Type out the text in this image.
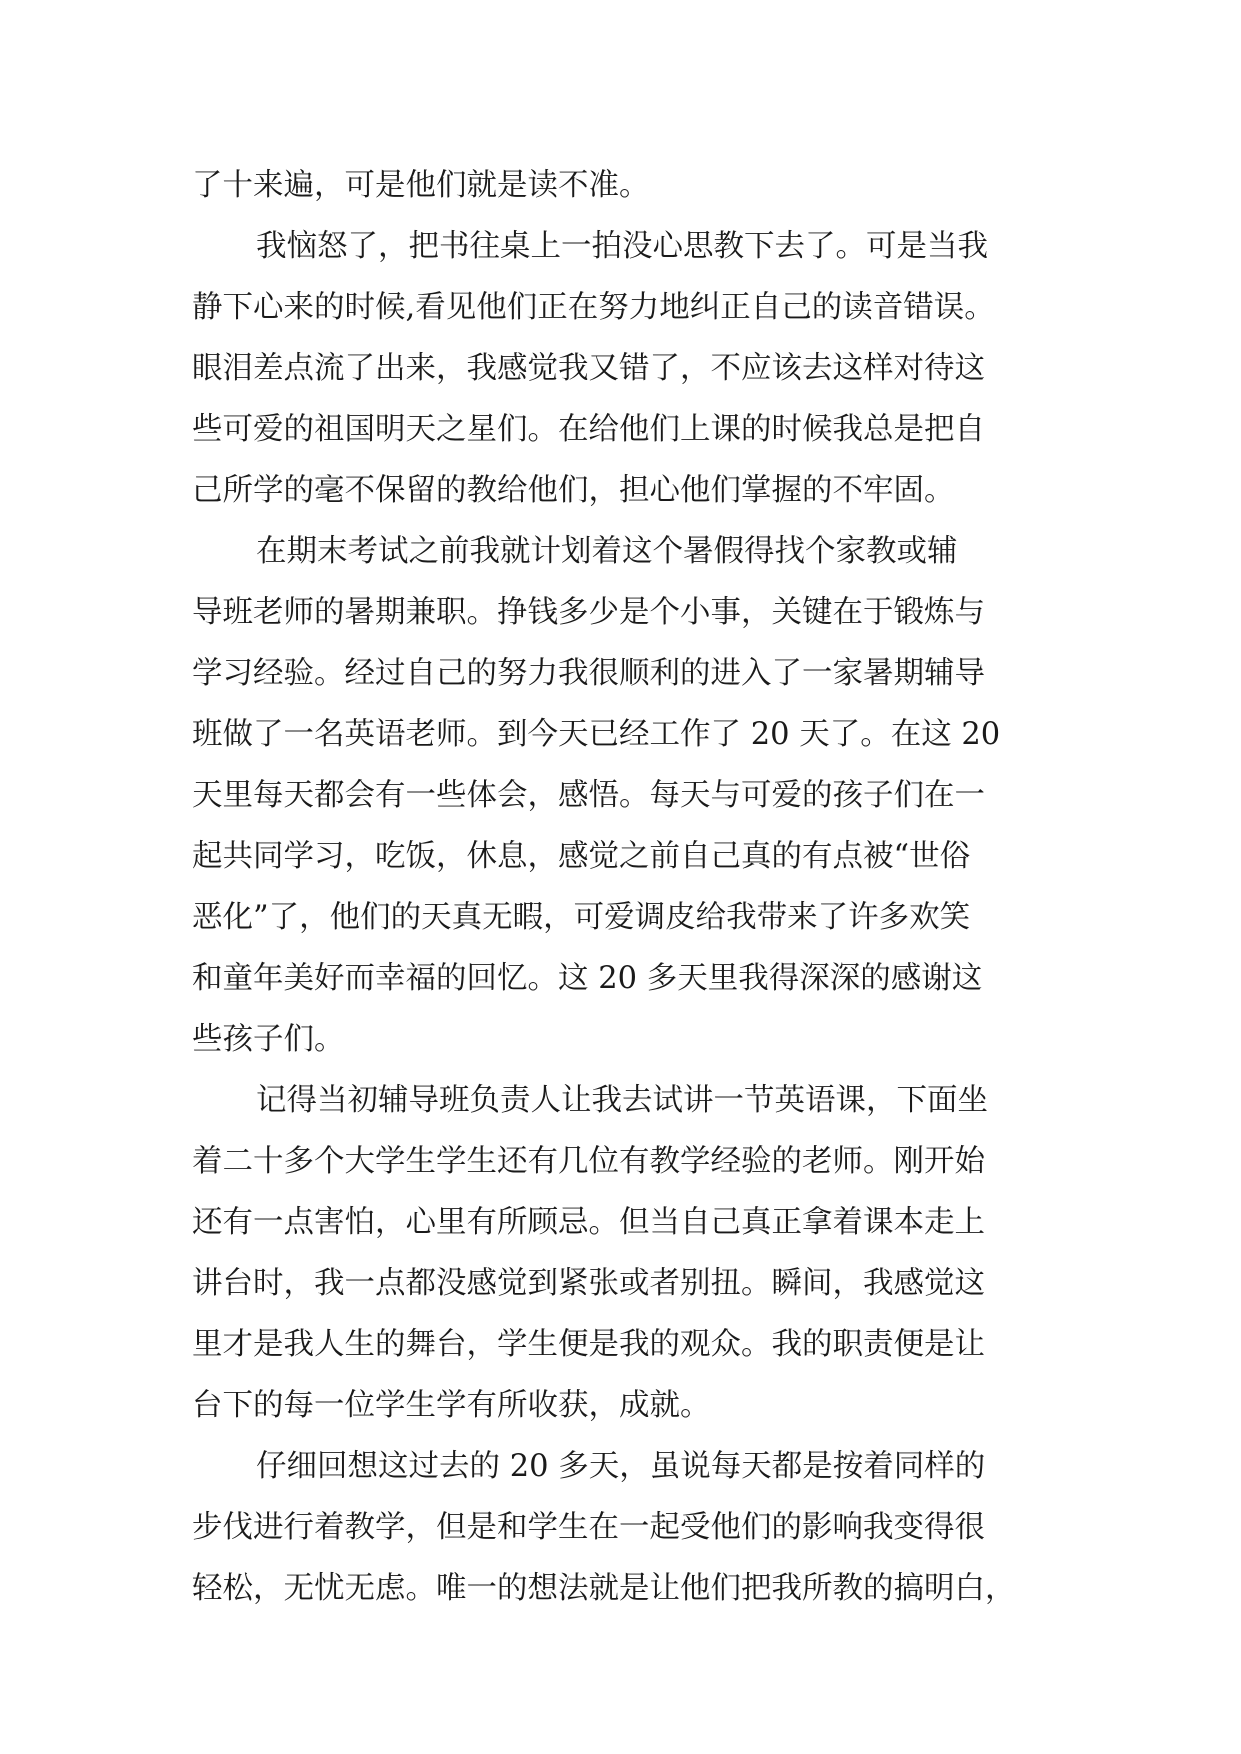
了十来遍，可是他们就是读不准。
我恼怒了，把书往桌上一拍没心思教下去了。可是当我
静下心来的时候,看见他们正在努力地纠正自己的读音错误。
眼泪差点流了出来，我感觉我又错了，不应该去这样对待这
些可爱的祖国明天之星们。在给他们上课的时候我总是把自
己所学的毫不保留的教给他们，担心他们掌握的不牢固。
在期末考试之前我就计划着这个暑假得找个家教或辅
导班老师的暑期兼职。挣钱多少是个小事，关键在于锻炼与
学习经验。经过自己的努力我很顺利的进入了一家暑期辅导
班做了一名英语老师。到今天已经工作了 20 天了。在这 20
天里每天都会有一些体会，感悟。每天与可爱的孩子们在一
起共同学习，吃饭，休息，感觉之前自己真的有点被“世俗
恶化”了，他们的天真无暇，可爱调皮给我带来了许多欢笑
和童年美好而幸福的回忆。这 20 多天里我得深深的感谢这
些孩子们。
记得当初辅导班负责人让我去试讲一节英语课，下面坐
着二十多个大学生学生还有几位有教学经验的老师。刚开始
还有一点害怕，心里有所顾忌。但当自己真正拿着课本走上
讲台时，我一点都没感觉到紧张或者别扭。瞬间，我感觉这
里才是我人生的舞台，学生便是我的观众。我的职责便是让
台下的每一位学生学有所收获，成就。
仔细回想这过去的 20 多天，虽说每天都是按着同样的
步伐进行着教学，但是和学生在一起受他们的影响我变得很
轻松，无忧无虑。唯一的想法就是让他们把我所教的搞明白，
